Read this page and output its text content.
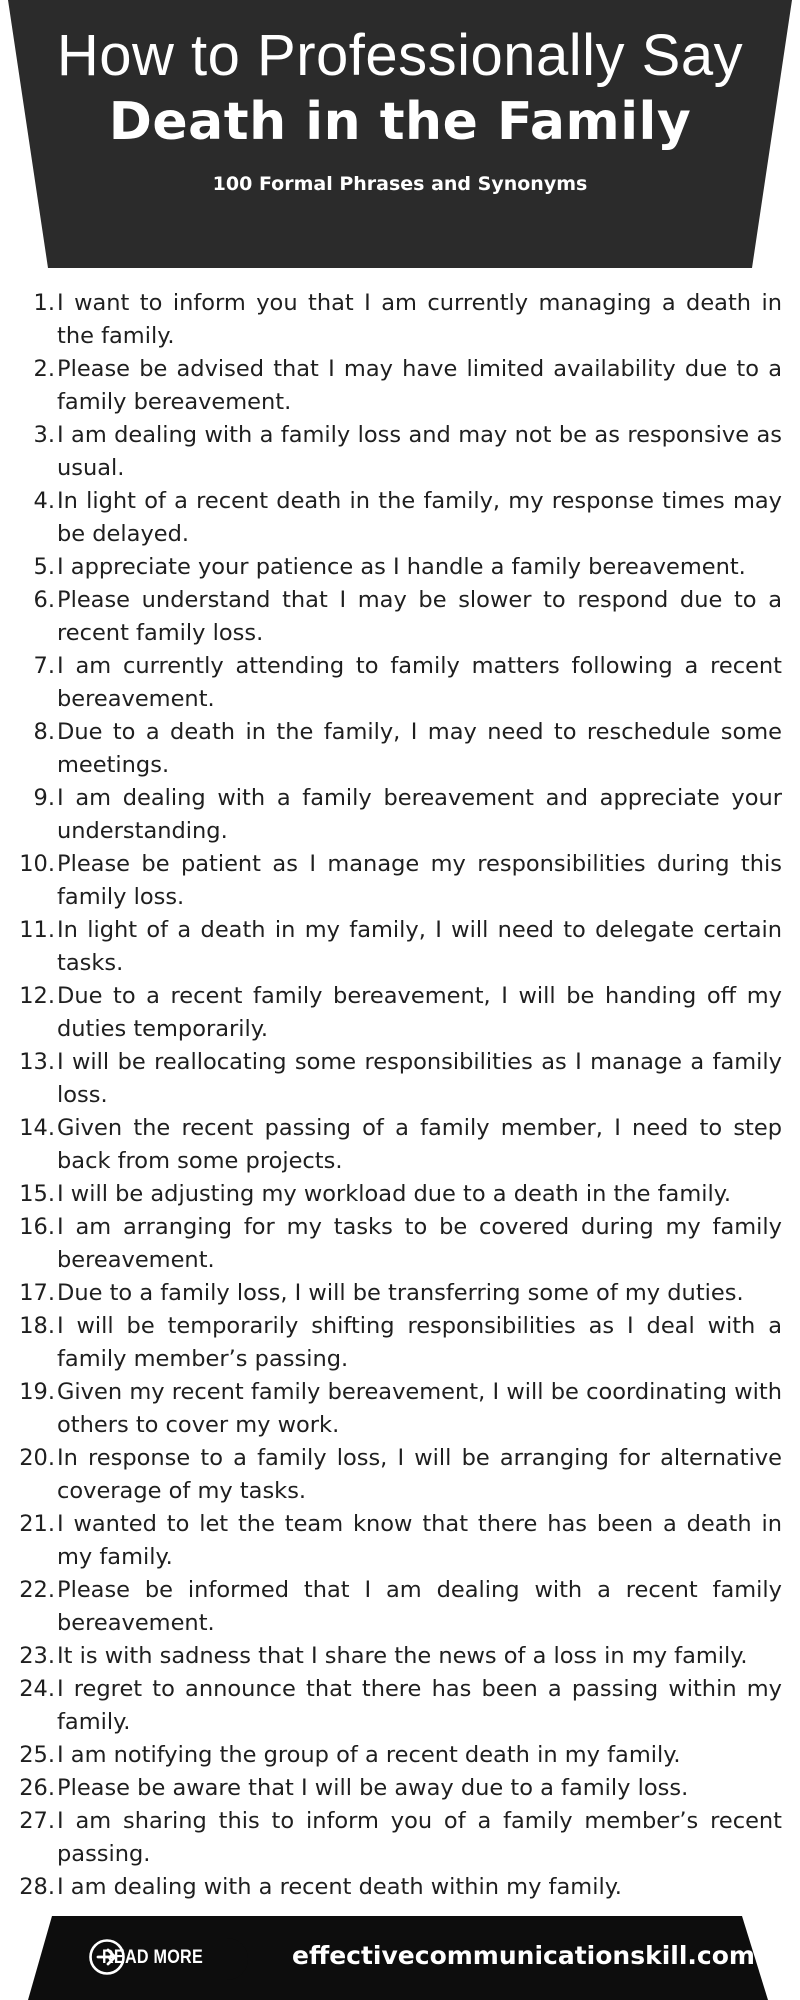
How to Professionally Say
Death in the Family
100 Formal Phrases and Synonyms
1. I want to inform you that I am currently managing a death in the family.
2. Please be advised that I may have limited availability due to a family bereavement.
3. I am dealing with a family loss and may not be as responsive as usual.
4. In light of a recent death in the family, my response times may be delayed.
5. I appreciate your patience as I handle a family bereavement.
6. Please understand that I may be slower to respond due to a recent family loss.
7. I am currently attending to family matters following a recent bereavement.
8. Due to a death in the family, I may need to reschedule some meetings.
9. I am dealing with a family bereavement and appreciate your understanding.
10. Please be patient as I manage my responsibilities during this family loss.
11. In light of a death in my family, I will need to delegate certain tasks.
12. Due to a recent family bereavement, I will be handing off my duties temporarily.
13. I will be reallocating some responsibilities as I manage a family loss.
14. Given the recent passing of a family member, I need to step back from some projects.
15. I will be adjusting my workload due to a death in the family.
16. I am arranging for my tasks to be covered during my family bereavement.
17. Due to a family loss, I will be transferring some of my duties.
18. I will be temporarily shifting responsibilities as I deal with a family member’s passing.
19. Given my recent family bereavement, I will be coordinating with others to cover my work.
20. In response to a family loss, I will be arranging for alternative coverage of my tasks.
21. I wanted to let the team know that there has been a death in my family.
22. Please be informed that I am dealing with a recent family bereavement.
23. It is with sadness that I share the news of a loss in my family.
24. I regret to announce that there has been a passing within my family.
25. I am notifying the group of a recent death in my family.
26. Please be aware that I will be away due to a family loss.
27. I am sharing this to inform you of a family member’s recent passing.
28. I am dealing with a recent death within my family.
READ MORE	effectivecommunicationskill.com
